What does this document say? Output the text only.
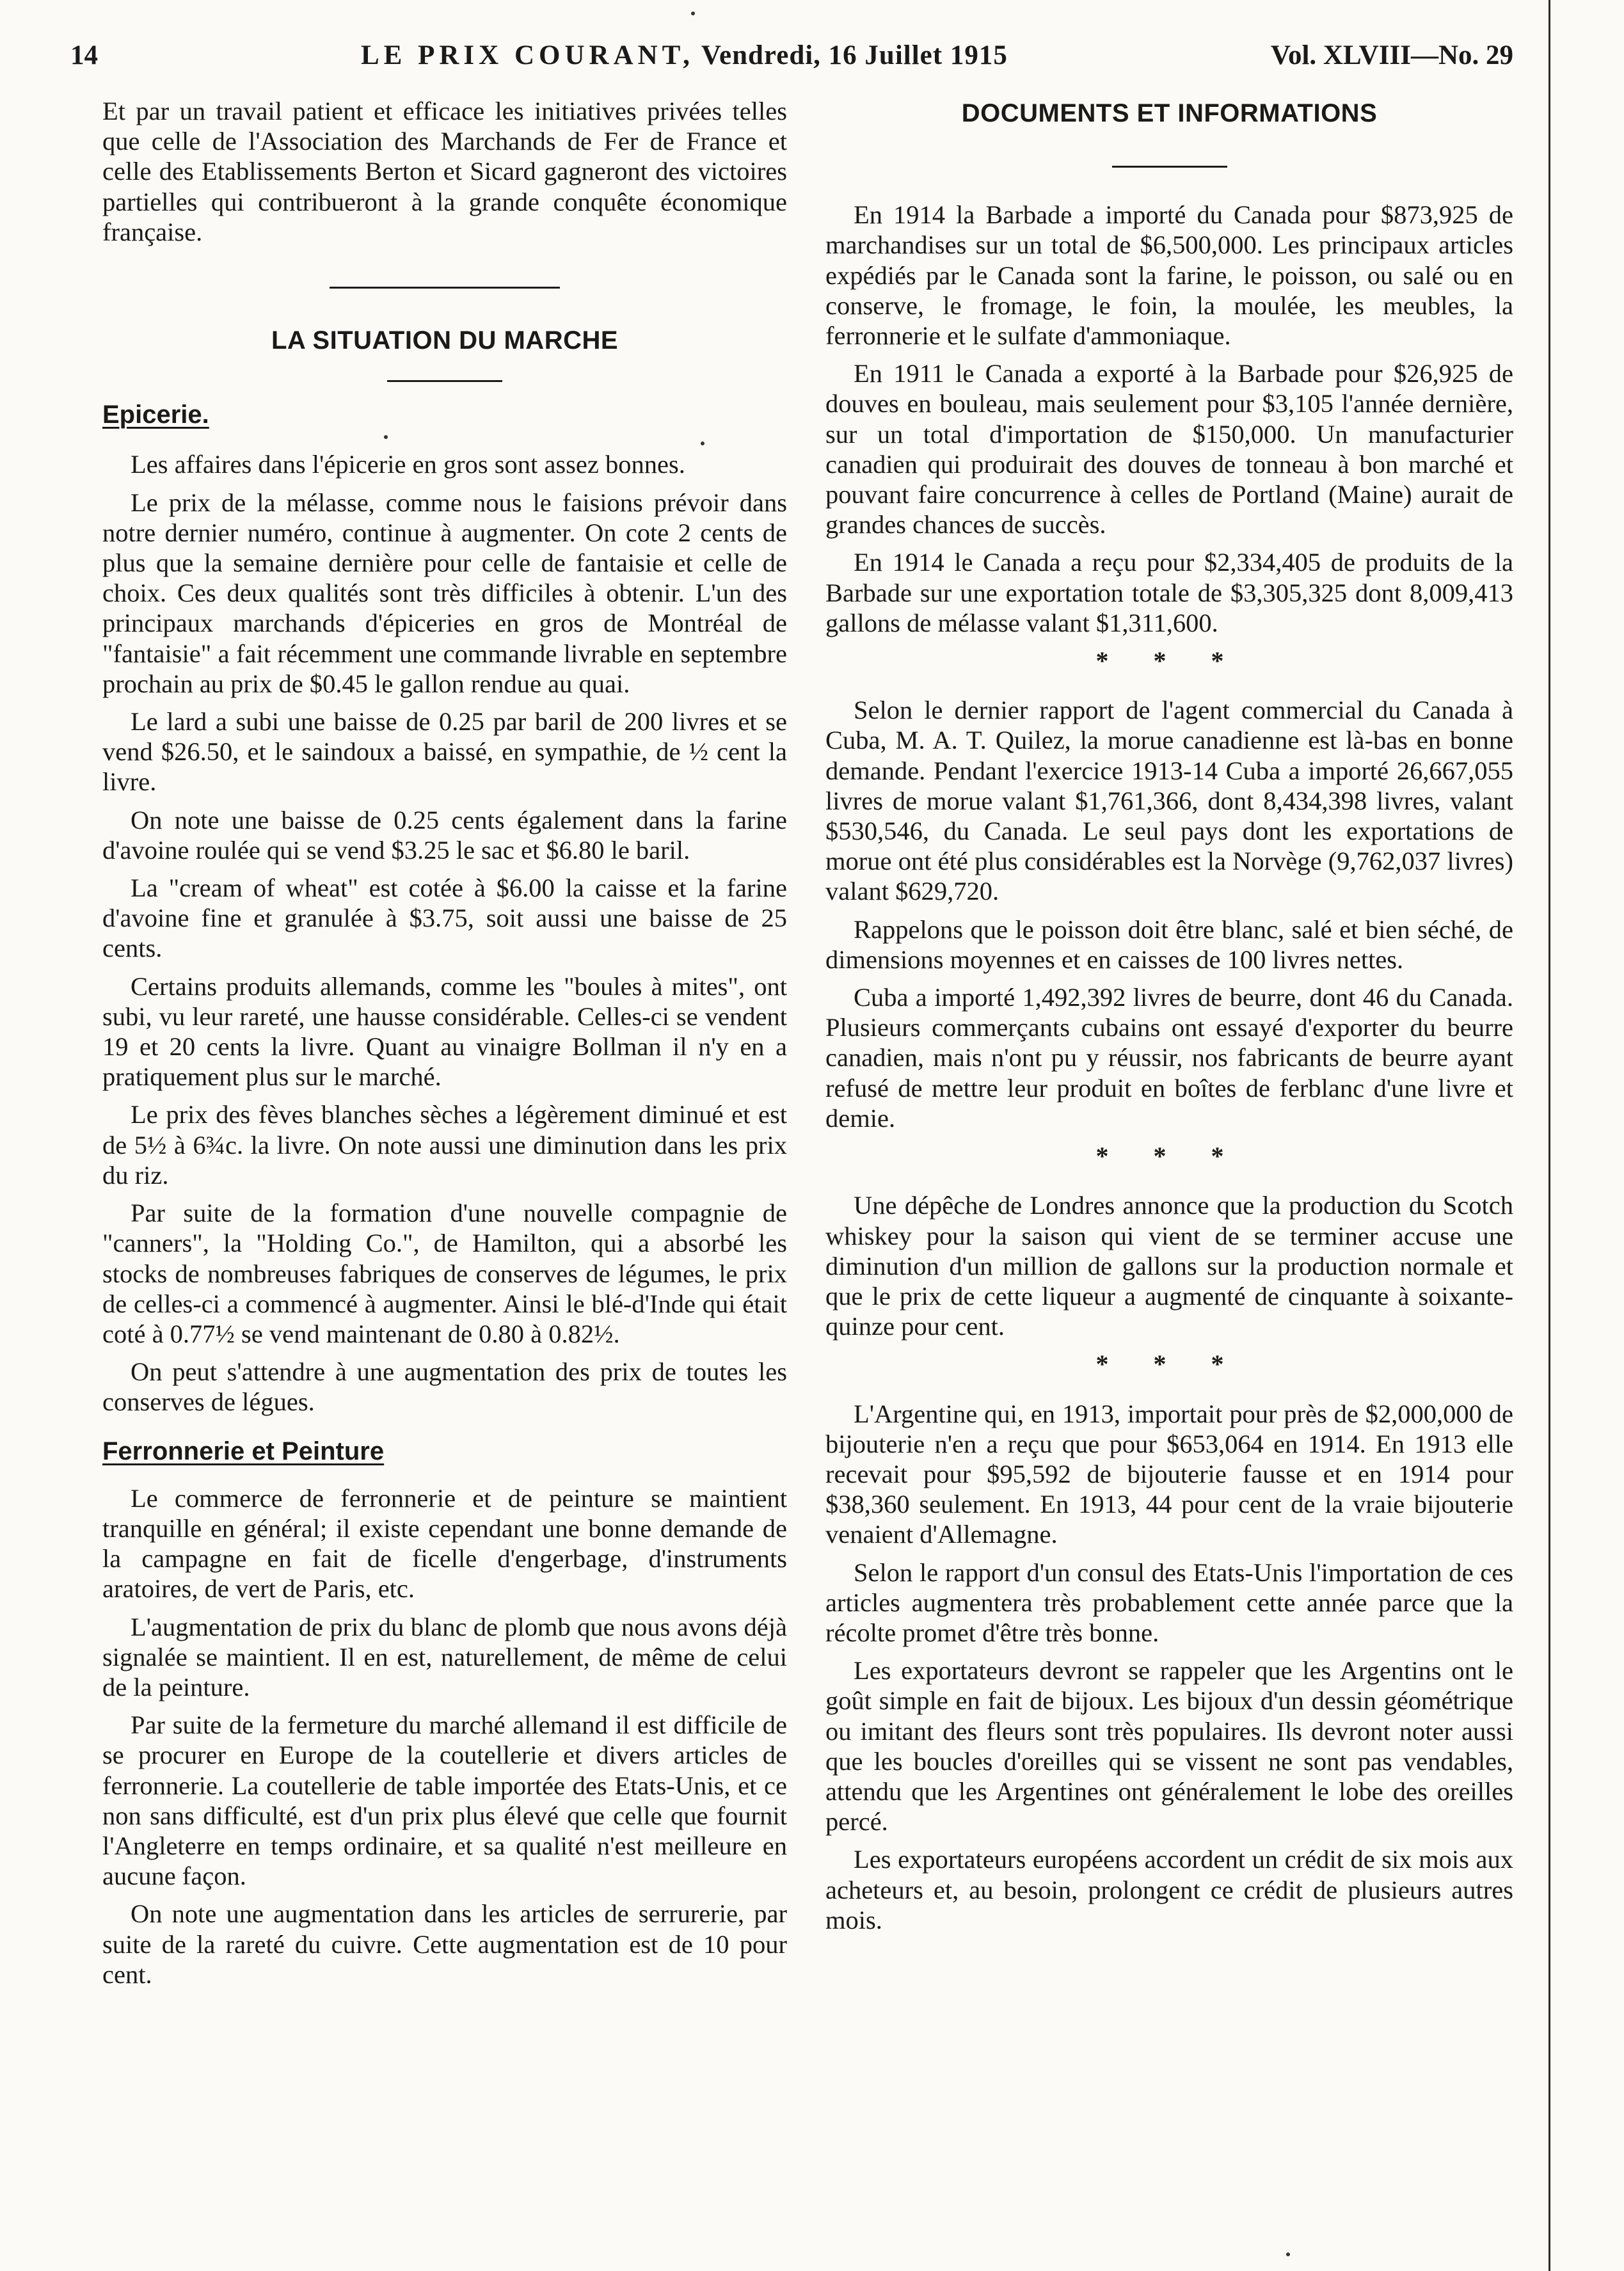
14	LE PRIX COURANT, Vendredi, 16 Juillet 1915	Vol. XLVIII—No. 29

Et par un travail patient et efficace les initiatives privées telles que celle de l'Association des Marchands de Fer de France et celle des Etablissements Berton et Sicard gagneront des victoires partielles qui contribueront à la grande conquête économique française.

LA SITUATION DU MARCHE
Epicerie.

Les affaires dans l'épicerie en gros sont assez bonnes.

Le prix de la mélasse, comme nous le faisions prévoir dans notre dernier numéro, continue à augmenter. On cote 2 cents de plus que la semaine dernière pour celle de fantaisie et celle de choix. Ces deux qualités sont très difficiles à obtenir. L'un des principaux marchands d'épiceries en gros de Montréal de "fantaisie" a fait récemment une commande livrable en septembre prochain au prix de $0.45 le gallon rendue au quai.

Le lard a subi une baisse de 0.25 par baril de 200 livres et se vend $26.50, et le saindoux a baissé, en sympathie, de ½ cent la livre.

On note une baisse de 0.25 cents également dans la farine d'avoine roulée qui se vend $3.25 le sac et $6.80 le baril.

La "cream of wheat" est cotée à $6.00 la caisse et la farine d'avoine fine et granulée à $3.75, soit aussi une baisse de 25 cents.

Certains produits allemands, comme les "boules à mites", ont subi, vu leur rareté, une hausse considérable. Celles-ci se vendent 19 et 20 cents la livre. Quant au vinaigre Bollman il n'y en a pratiquement plus sur le marché.

Le prix des fèves blanches sèches a légèrement diminué et est de 5½ à 6¾c. la livre. On note aussi une diminution dans les prix du riz.

Par suite de la formation d'une nouvelle compagnie de "canners", la "Holding Co.", de Hamilton, qui a absorbé les stocks de nombreuses fabriques de conserves de légumes, le prix de celles-ci a commencé à augmenter. Ainsi le blé-d'Inde qui était coté à 0.77½ se vend maintenant de 0.80 à 0.82½.

On peut s'attendre à une augmentation des prix de toutes les conserves de légues.

Ferronnerie et Peinture

Le commerce de ferronnerie et de peinture se maintient tranquille en général; il existe cependant une bonne demande de la campagne en fait de ficelle d'engerbage, d'instruments aratoires, de vert de Paris, etc.

L'augmentation de prix du blanc de plomb que nous avons déjà signalée se maintient. Il en est, naturellement, de même de celui de la peinture.

Par suite de la fermeture du marché allemand il est difficile de se procurer en Europe de la coutellerie et divers articles de ferronnerie. La coutellerie de table importée des Etats-Unis, et ce non sans difficulté, est d'un prix plus élevé que celle que fournit l'Angleterre en temps ordinaire, et sa qualité n'est meilleure en aucune façon.

On note une augmentation dans les articles de serrurerie, par suite de la rareté du cuivre. Cette augmentation est de 10 pour cent.

DOCUMENTS ET INFORMATIONS

En 1914 la Barbade a importé du Canada pour $873,925 de marchandises sur un total de $6,500,000. Les principaux articles expédiés par le Canada sont la farine, le poisson, ou salé ou en conserve, le fromage, le foin, la moulée, les meubles, la ferronnerie et le sulfate d'ammoniaque.

En 1911 le Canada a exporté à la Barbade pour $26,925 de douves en bouleau, mais seulement pour $3,105 l'année dernière, sur un total d'importation de $150,000. Un manufacturier canadien qui produirait des douves de tonneau à bon marché et pouvant faire concurrence à celles de Portland (Maine) aurait de grandes chances de succès.

En 1914 le Canada a reçu pour $2,334,405 de produits de la Barbade sur une exportation totale de $3,305,325 dont 8,009,413 gallons de mélasse valant $1,311,600.

* * *

Selon le dernier rapport de l'agent commercial du Canada à Cuba, M. A. T. Quilez, la morue canadienne est là-bas en bonne demande. Pendant l'exercice 1913-14 Cuba a importé 26,667,055 livres de morue valant $1,761,366, dont 8,434,398 livres, valant $530,546, du Canada. Le seul pays dont les exportations de morue ont été plus considérables est la Norvège (9,762,037 livres) valant $629,720.

Rappelons que le poisson doit être blanc, salé et bien séché, de dimensions moyennes et en caisses de 100 livres nettes.

Cuba a importé 1,492,392 livres de beurre, dont 46 du Canada. Plusieurs commerçants cubains ont essayé d'exporter du beurre canadien, mais n'ont pu y réussir, nos fabricants de beurre ayant refusé de mettre leur produit en boîtes de ferblanc d'une livre et demie.

* * *

Une dépêche de Londres annonce que la production du Scotch whiskey pour la saison qui vient de se terminer accuse une diminution d'un million de gallons sur la production normale et que le prix de cette liqueur a augmenté de cinquante à soixante-quinze pour cent.

* * *

L'Argentine qui, en 1913, importait pour près de $2,000,000 de bijouterie n'en a reçu que pour $653,064 en 1914. En 1913 elle recevait pour $95,592 de bijouterie fausse et en 1914 pour $38,360 seulement. En 1913, 44 pour cent de la vraie bijouterie venaient d'Allemagne.

Selon le rapport d'un consul des Etats-Unis l'importation de ces articles augmentera très probablement cette année parce que la récolte promet d'être très bonne.

Les exportateurs devront se rappeler que les Argentins ont le goût simple en fait de bijoux. Les bijoux d'un dessin géométrique ou imitant des fleurs sont très populaires. Ils devront noter aussi que les boucles d'oreilles qui se vissent ne sont pas vendables, attendu que les Argentines ont généralement le lobe des oreilles percé.

Les exportateurs européens accordent un crédit de six mois aux acheteurs et, au besoin, prolongent ce crédit de plusieurs autres mois.
